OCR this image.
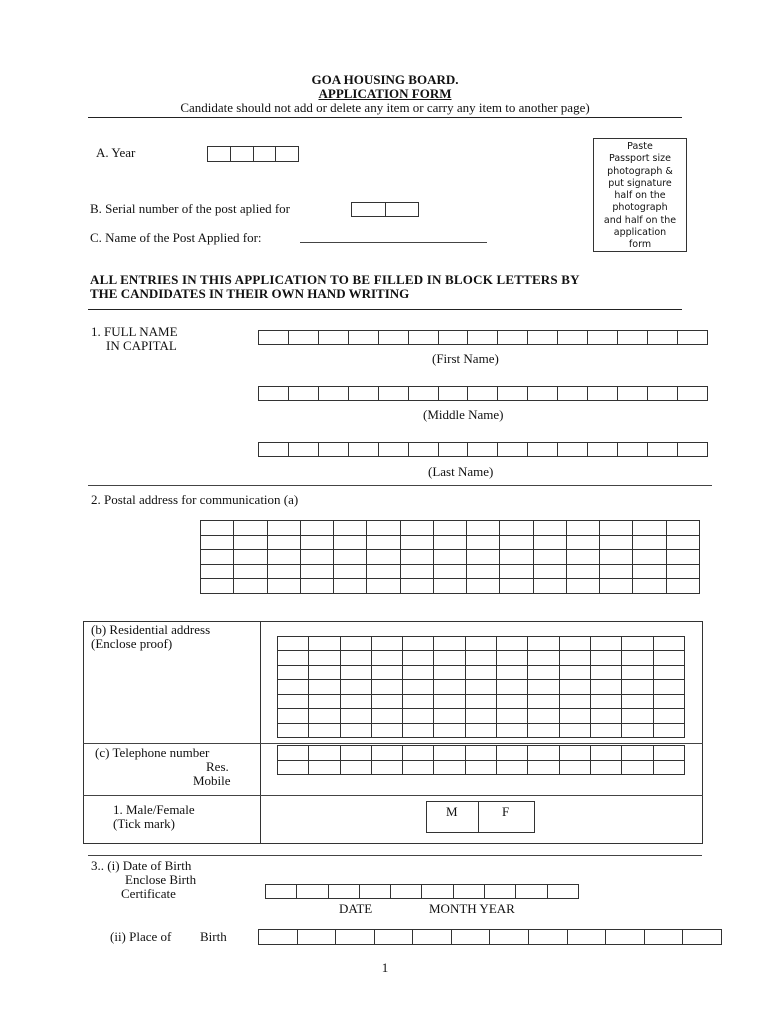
GOA HOUSING BOARD.
APPLICATION FORM
Candidate should not add or delete any item or carry any item to another page)
Paste
Passport size
photograph &
put signature
half on the
photograph
and half on the
application
form
A. Year

B. Serial number of the post aplied for

C. Name of the Post Applied for:
ALL ENTRIES IN THIS APPLICATION TO BE FILLED IN BLOCK LETTERS BY
THE CANDIDATES IN THEIR OWN HAND WRITING
1. FULL NAME
IN CAPITAL

(First Name)

(Middle Name)

(Last Name)
2. Postal address for communication (a)

(b) Residential address
(Enclose proof)

(c) Telephone number
Res.
Mobile

1. Male/Female
(Tick mark)
M	F
3.. (i) Date of Birth
Enclose Birth
Certificate

DATE	MONTH YEAR
(ii) Place of Birth

1
